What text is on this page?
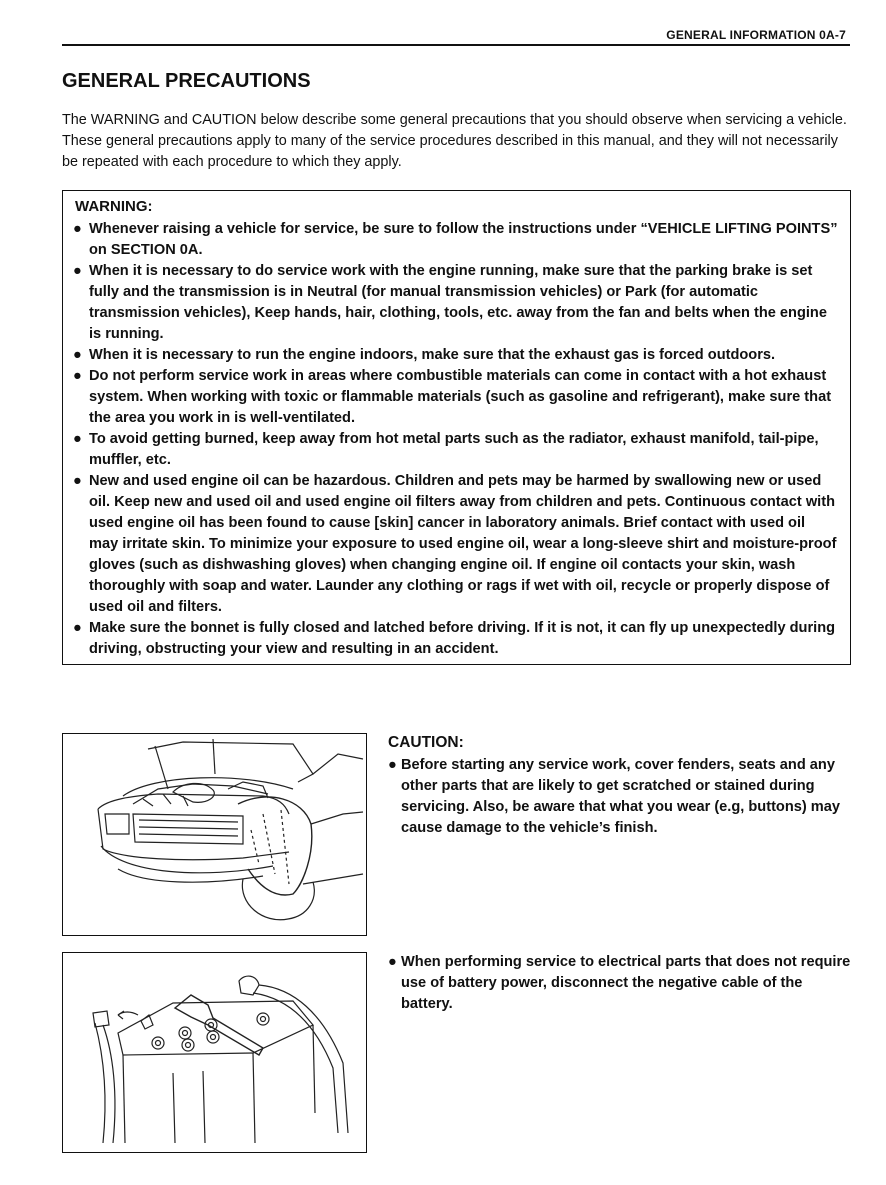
GENERAL INFORMATION 0A-7
GENERAL PRECAUTIONS

The WARNING and CAUTION below describe some general precautions that you should observe when servicing a vehicle. These general precautions apply to many of the service procedures described in this manual, and they will not necessarily be repeated with each procedure to which they apply.

WARNING:
● Whenever raising a vehicle for service, be sure to follow the instructions under “VEHICLE LIFTING POINTS” on SECTION 0A.
● When it is necessary to do service work with the engine running, make sure that the parking brake is set fully and the transmission is in Neutral (for manual transmission vehicles) or Park (for automatic transmission vehicles), Keep hands, hair, clothing, tools, etc. away from the fan and belts when the engine is running.
● When it is necessary to run the engine indoors, make sure that the exhaust gas is forced outdoors.
● Do not perform service work in areas where combustible materials can come in contact with a hot exhaust system. When working with toxic or flammable materials (such as gasoline and refrigerant), make sure that the area you work in is well-ventilated.
● To avoid getting burned, keep away from hot metal parts such as the radiator, exhaust manifold, tail-pipe, muffler, etc.
● New and used engine oil can be hazardous. Children and pets may be harmed by swallowing new or used oil. Keep new and used oil and used engine oil filters away from children and pets. Continuous contact with used engine oil has been found to cause [skin] cancer in laboratory animals. Brief contact with used oil may irritate skin. To minimize your exposure to used engine oil, wear a long-sleeve shirt and moisture-proof gloves (such as dishwashing gloves) when changing engine oil. If engine oil contacts your skin, wash thoroughly with soap and water. Launder any clothing or rags if wet with oil, recycle or properly dispose of used oil and filters.
● Make sure the bonnet is fully closed and latched before driving. If it is not, it can fly up unexpectedly during driving, obstructing your view and resulting in an accident.
CAUTION:
● Before starting any service work, cover fenders, seats and any other parts that are likely to get scratched or stained during servicing. Also, be aware that what you wear (e.g, buttons) may cause damage to the vehicle’s finish.
● When performing service to electrical parts that does not require use of battery power, disconnect the negative cable of the battery.
